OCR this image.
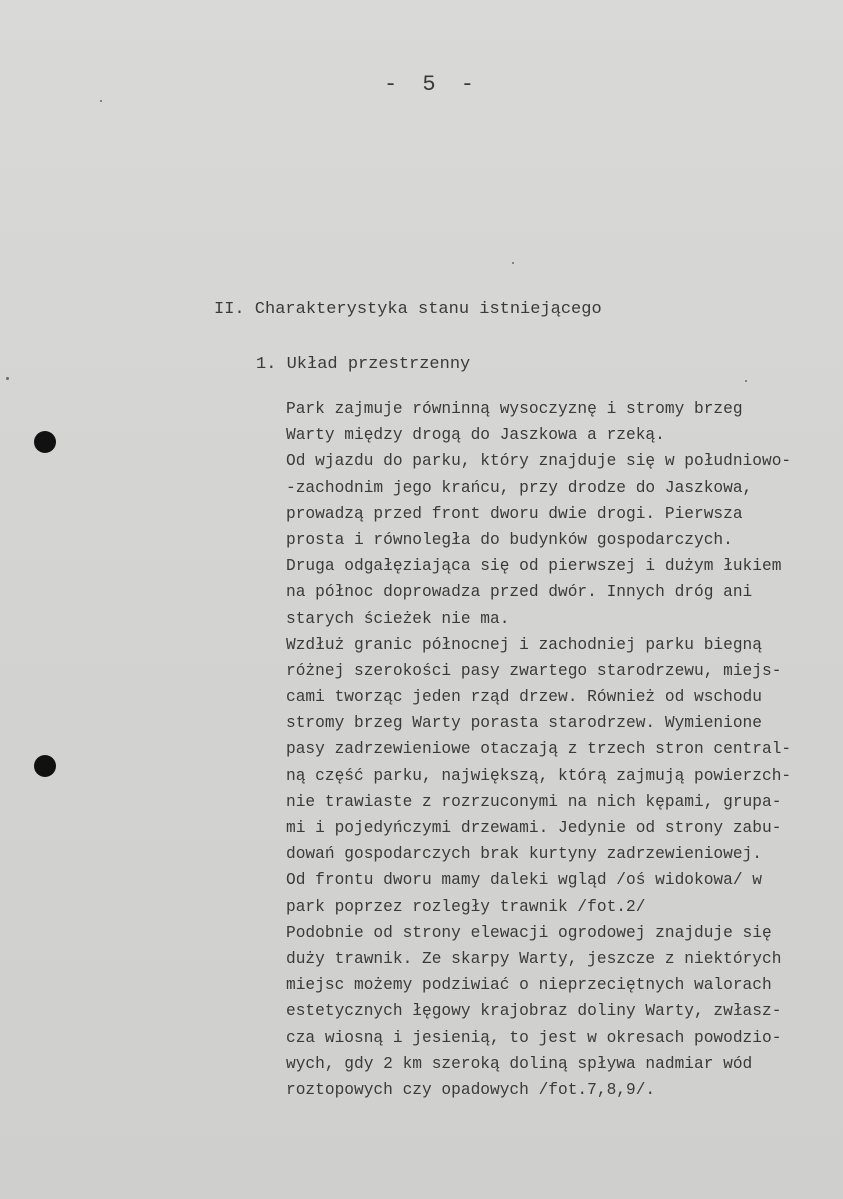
- 5 -
II. Charakterystyka stanu istniejącego
1. Układ przestrzenny
Park zajmuje równinną wysoczyznę i stromy brzeg
Warty między drogą do Jaszkowa a rzeką.
Od wjazdu do parku, który znajduje się w południowo-
-zachodnim jego krańcu, przy drodze do Jaszkowa,
prowadzą przed front dworu dwie drogi. Pierwsza
prosta i równoległa do budynków gospodarczych.
Druga odgałęziająca się od pierwszej i dużym łukiem
na północ doprowadza przed dwór. Innych dróg ani
starych ścieżek nie ma.
Wzdłuż granic północnej i zachodniej parku biegną
różnej szerokości pasy zwartego starodrzewu, miejs-
cami tworząc jeden rząd drzew. Również od wschodu
stromy brzeg Warty porasta starodrzew. Wymienione
pasy zadrzewieniowe otaczają z trzech stron central-
ną część parku, największą, którą zajmują powierzch-
nie trawiaste z rozrzuconymi na nich kępami, grupa-
mi i pojedyńczymi drzewami. Jedynie od strony zabu-
dowań gospodarczych brak kurtyny zadrzewieniowej.
Od frontu dworu mamy daleki wgląd /oś widokowa/ w
park poprzez rozległy trawnik /fot.2/
Podobnie od strony elewacji ogrodowej znajduje się
duży trawnik. Ze skarpy Warty, jeszcze z niektórych
miejsc możemy podziwiać o nieprzeciętnych walorach
estetycznych łęgowy krajobraz doliny Warty, zwłasz-
cza wiosną i jesienią, to jest w okresach powodzio-
wych, gdy 2 km szeroką doliną spływa nadmiar wód
roztopowych czy opadowych /fot.7,8,9/.
